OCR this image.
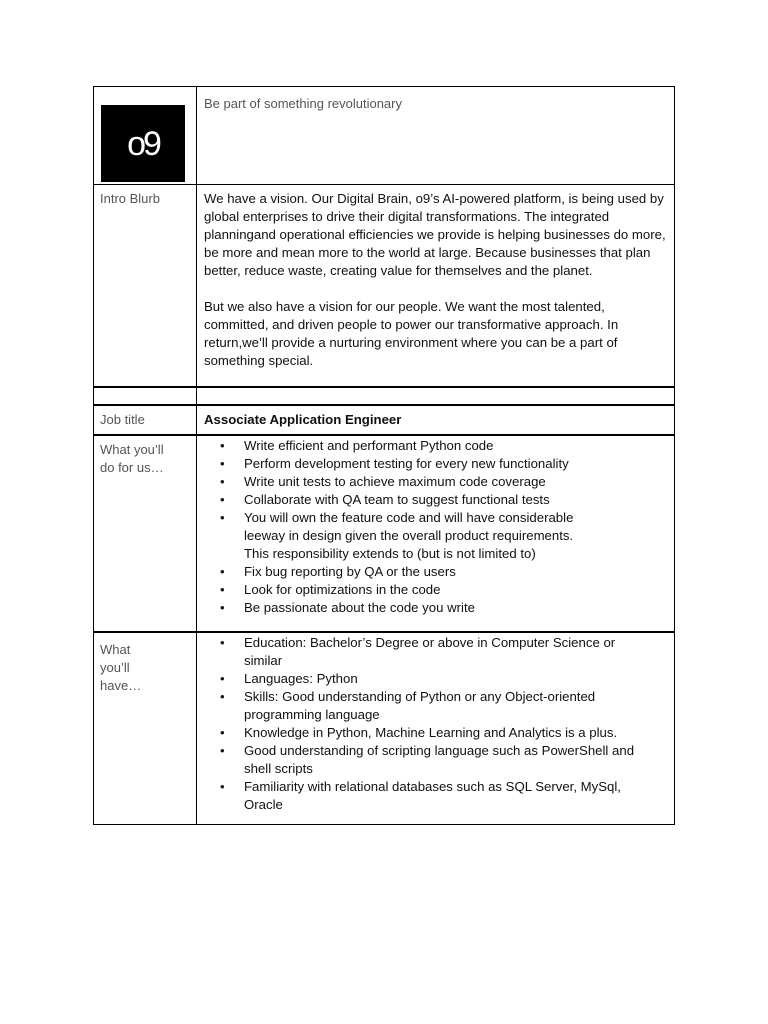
o9
Be part of something revolutionary
Intro Blurb	We have a vision. Our Digital Brain, o9’s AI-powered platform, is being used by global enterprises to drive their digital transformations. The integrated planningand operational efficiencies we provide is helping businesses do more, be more and mean more to the world at large. Because businesses that plan better, reduce waste, creating value for themselves and the planet.

But we also have a vision for our people. We want the most talented, committed, and driven people to power our transformative approach. In return,we’ll provide a nurturing environment where you can be a part of something special.

Job title	Associate Application Engineer
What you’ll
do for us…
• Write efficient and performant Python code
• Perform development testing for every new functionality
• Write unit tests to achieve maximum code coverage
• Collaborate with QA team to suggest functional tests
• You will own the feature code and will have considerable
leeway in design given the overall product requirements.
This responsibility extends to (but is not limited to)
• Fix bug reporting by QA or the users
• Look for optimizations in the code
• Be passionate about the code you write
What
you’ll
have…
• Education: Bachelor’s Degree or above in Computer Science or
similar
• Languages: Python
• Skills: Good understanding of Python or any Object-oriented
programming language
• Knowledge in Python, Machine Learning and Analytics is a plus.
• Good understanding of scripting language such as PowerShell and
shell scripts
• Familiarity with relational databases such as SQL Server, MySql,
Oracle
